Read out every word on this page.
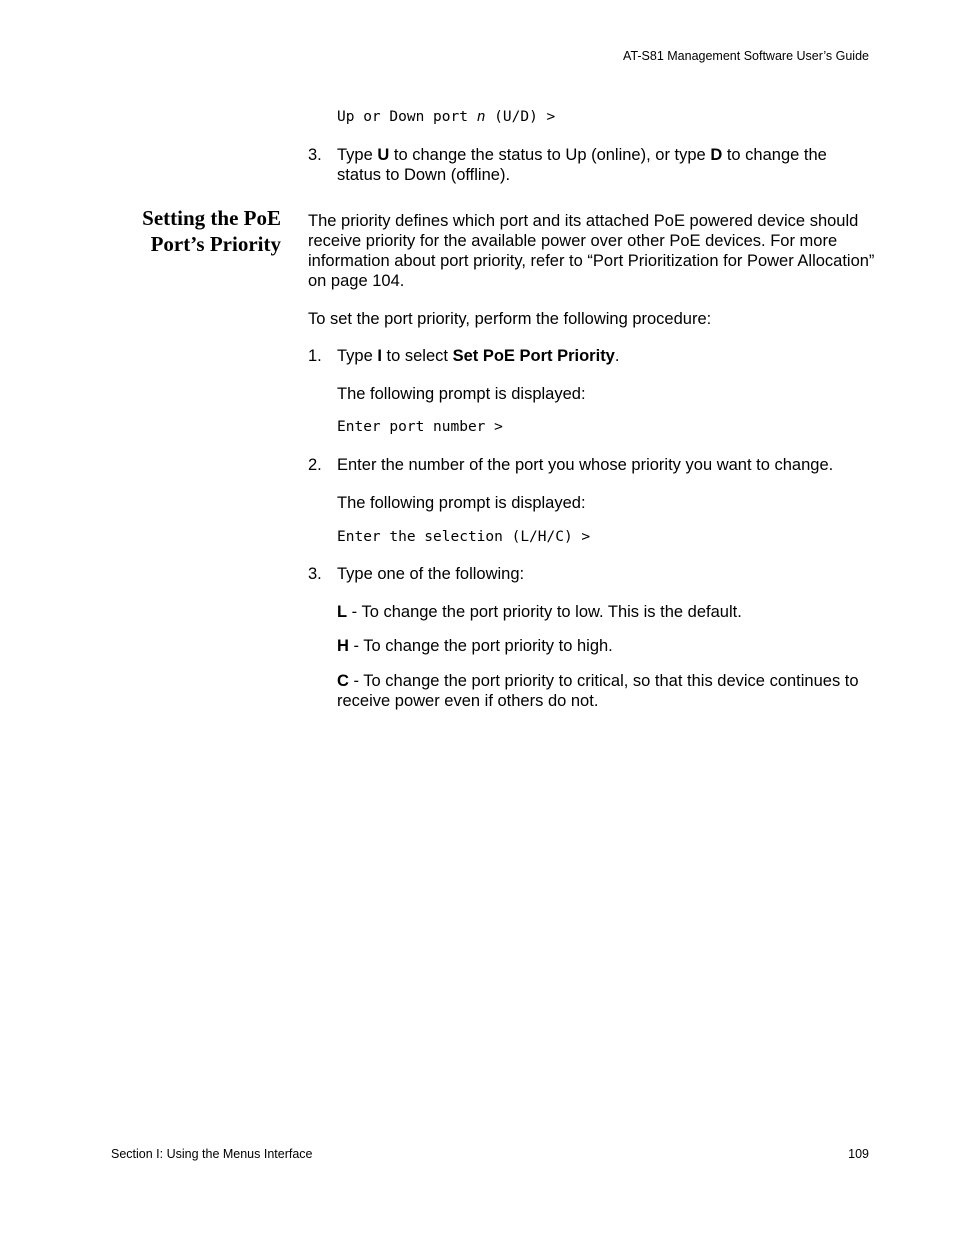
AT-S81 Management Software User’s Guide
Up or Down port n (U/D) >
3. Type U to change the status to Up (online), or type D to change the status to Down (offline).
Setting the PoE
Port’s Priority
The priority defines which port and its attached PoE powered device should receive priority for the available power over other PoE devices. For more information about port priority, refer to “Port Prioritization for Power Allocation” on page 104.
To set the port priority, perform the following procedure:
1. Type I to select Set PoE Port Priority.
The following prompt is displayed:
Enter port number >
2. Enter the number of the port you whose priority you want to change.
The following prompt is displayed:
Enter the selection (L/H/C) >
3. Type one of the following:
L - To change the port priority to low. This is the default.
H - To change the port priority to high.
C - To change the port priority to critical, so that this device continues to receive power even if others do not.
Section I: Using the Menus Interface	109
